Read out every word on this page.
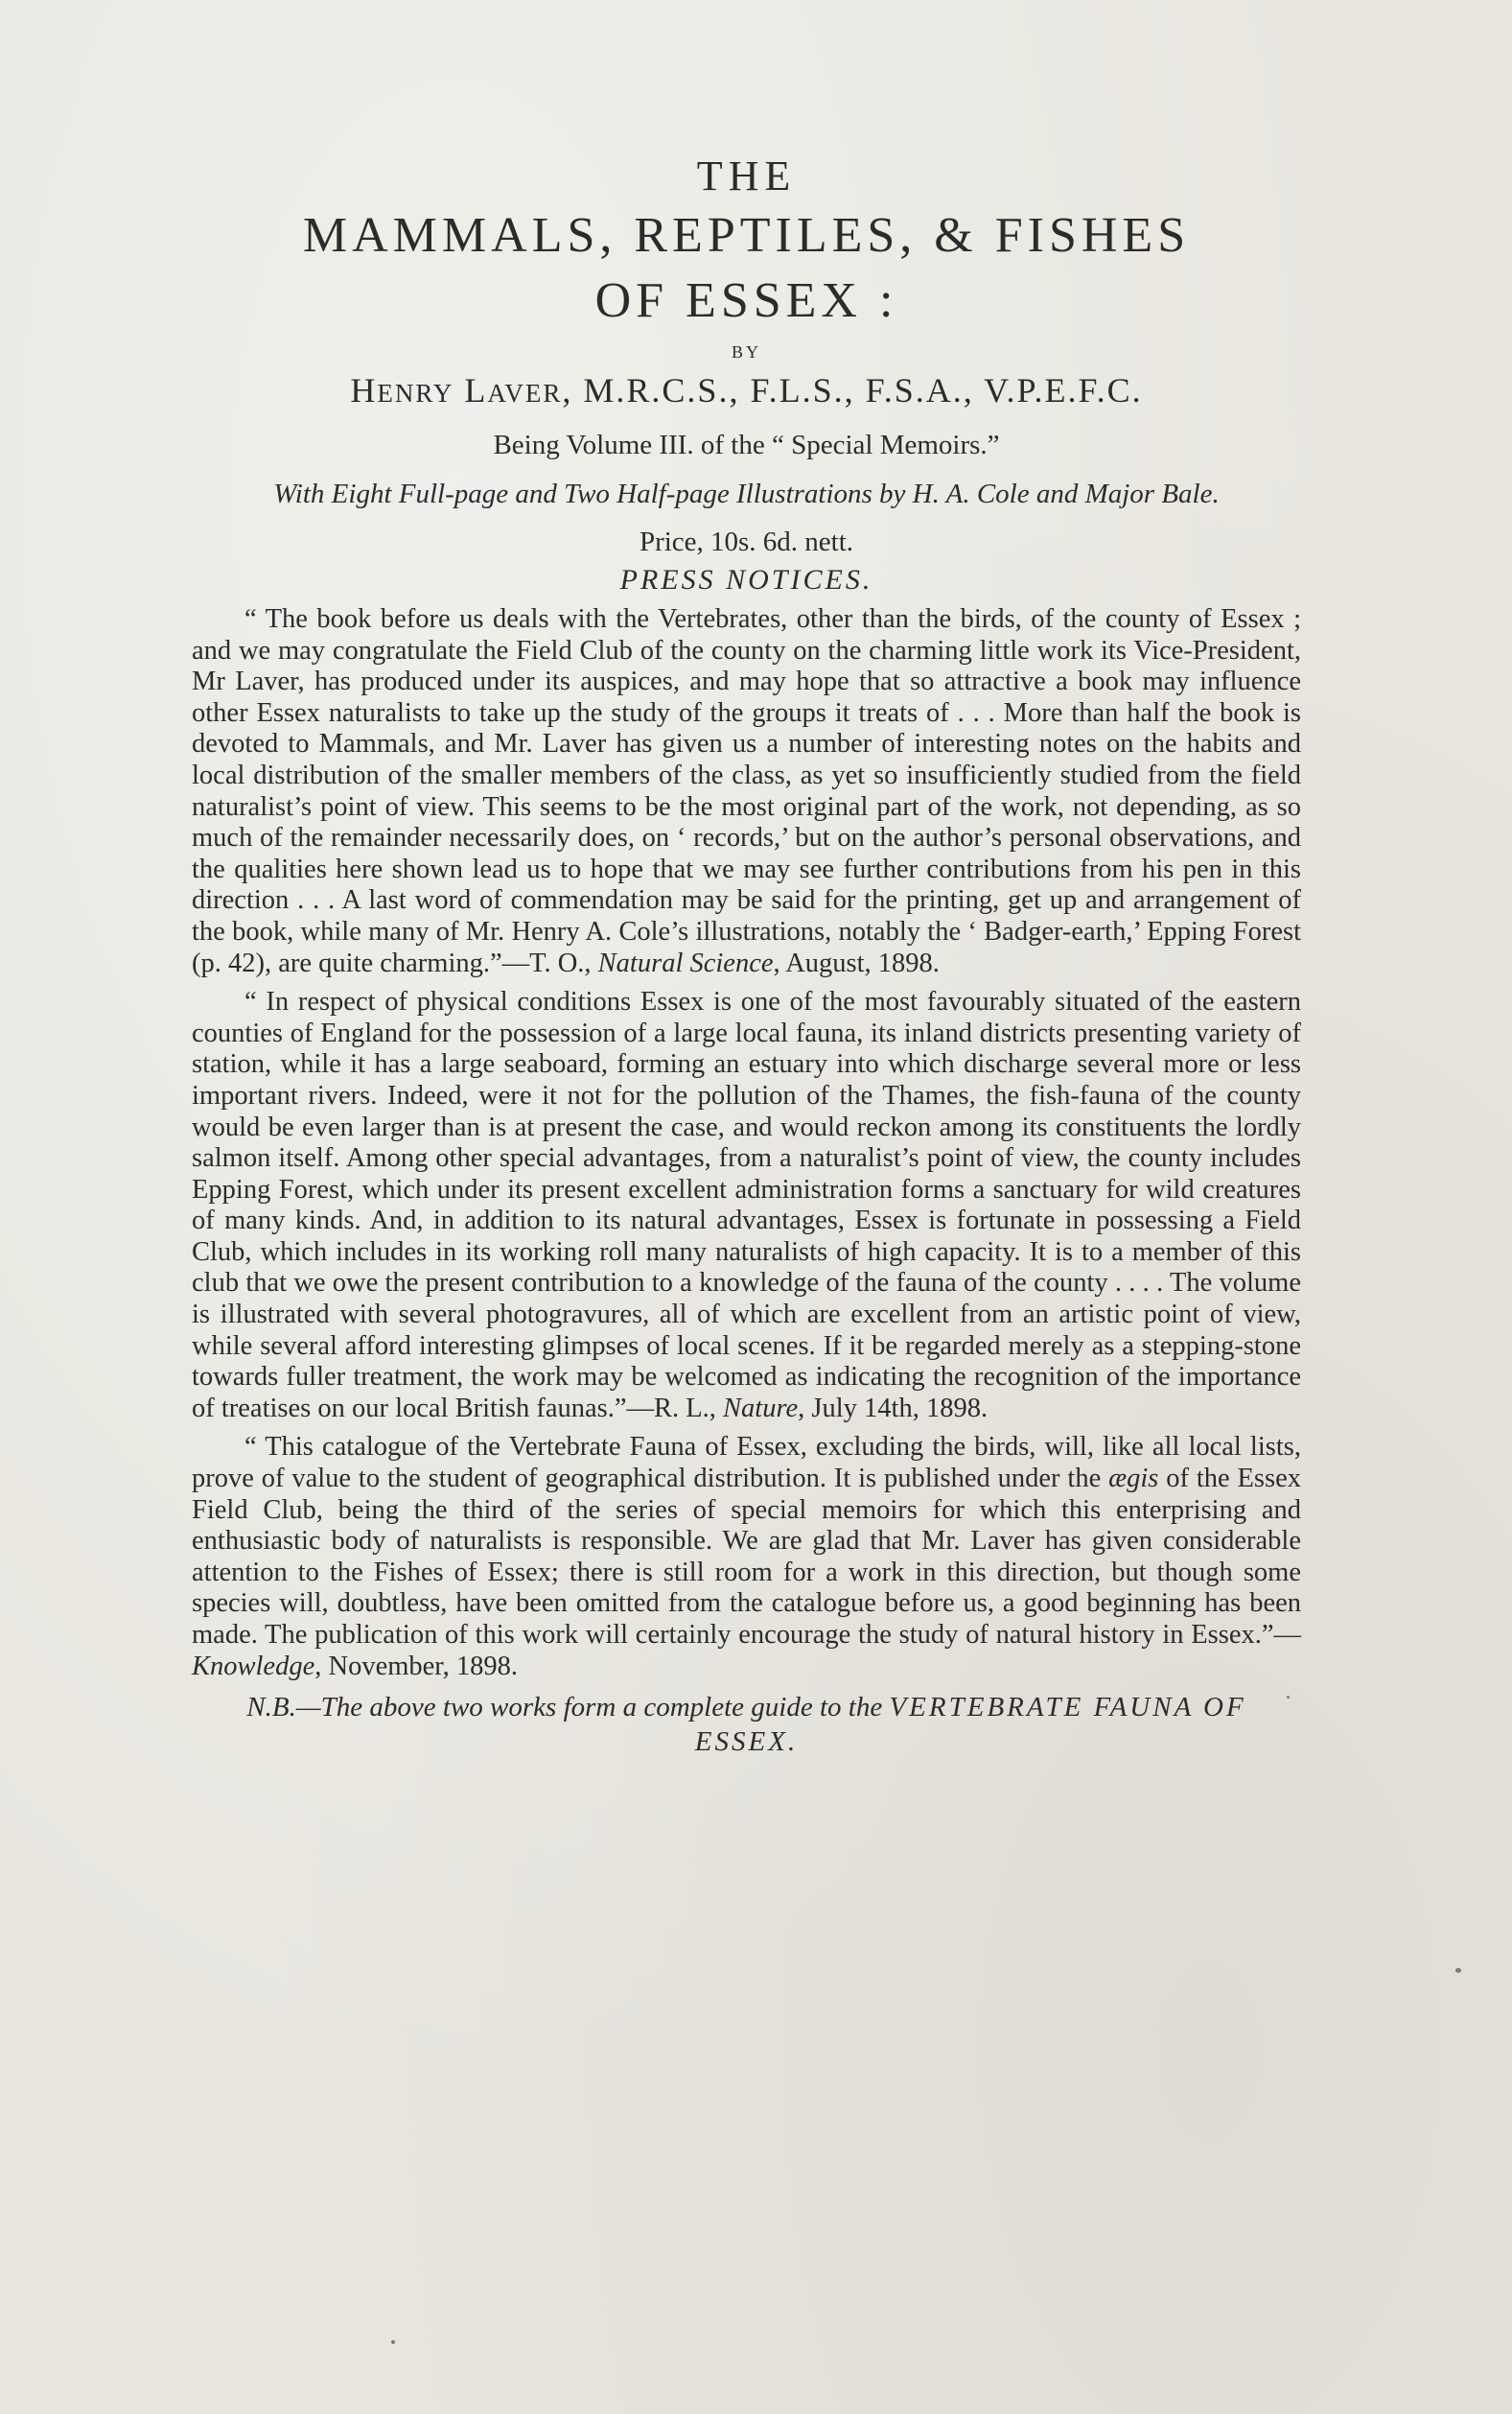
THE
MAMMALS, REPTILES, & FISHES
OF ESSEX :
BY
HENRY LAVER, M.R.C.S., F.L.S., F.S.A., V.P.E.F.C.
Being Volume III. of the “ Special Memoirs.”
With Eight Full-page and Two Half-page Illustrations by H. A. Cole and Major Bale.
Price, 10s. 6d. nett.
PRESS NOTICES.

“ The book before us deals with the Vertebrates, other than the birds, of the county of Essex ; and we may congratulate the Field Club of the county on the charming little work its Vice-President, Mr Laver, has produced under its auspices, and may hope that so attractive a book may influence other Essex naturalists to take up the study of the groups it treats of . . . More than half the book is devoted to Mammals, and Mr. Laver has given us a number of interesting notes on the habits and local distribution of the smaller members of the class, as yet so insufficiently studied from the field naturalist’s point of view. This seems to be the most original part of the work, not depending, as so much of the remainder necessarily does, on ‘ records,’ but on the author’s personal observations, and the qualities here shown lead us to hope that we may see further contributions from his pen in this direction . . . A last word of commendation may be said for the printing, get up and arrangement of the book, while many of Mr. Henry A. Cole’s illustrations, notably the ‘ Badger-earth,’ Epping Forest (p. 42), are quite charming.”—T. O., Natural Science, August, 1898.

“ In respect of physical conditions Essex is one of the most favourably situated of the eastern counties of England for the possession of a large local fauna, its inland districts presenting variety of station, while it has a large seaboard, forming an estuary into which discharge several more or less important rivers. Indeed, were it not for the pollution of the Thames, the fish-fauna of the county would be even larger than is at present the case, and would reckon among its constituents the lordly salmon itself. Among other special advantages, from a naturalist’s point of view, the county includes Epping Forest, which under its present excellent administration forms a sanctuary for wild creatures of many kinds. And, in addition to its natural advantages, Essex is fortunate in possessing a Field Club, which includes in its working roll many naturalists of high capacity. It is to a member of this club that we owe the present contribution to a knowledge of the fauna of the county . . . . The volume is illustrated with several photogravures, all of which are excellent from an artistic point of view, while several afford interesting glimpses of local scenes. If it be regarded merely as a stepping-stone towards fuller treatment, the work may be welcomed as indicating the recognition of the importance of treatises on our local British faunas.”—R. L., Nature, July 14th, 1898.

“ This catalogue of the Vertebrate Fauna of Essex, excluding the birds, will, like all local lists, prove of value to the student of geographical distribution. It is published under the ægis of the Essex Field Club, being the third of the series of special memoirs for which this enterprising and enthusiastic body of naturalists is responsible. We are glad that Mr. Laver has given considerable attention to the Fishes of Essex; there is still room for a work in this direction, but though some species will, doubtless, have been omitted from the catalogue before us, a good beginning has been made. The publication of this work will certainly encourage the study of natural history in Essex.”—Knowledge, November, 1898.

N.B.—The above two works form a complete guide to the VERTEBRATE FAUNA OF ESSEX.
